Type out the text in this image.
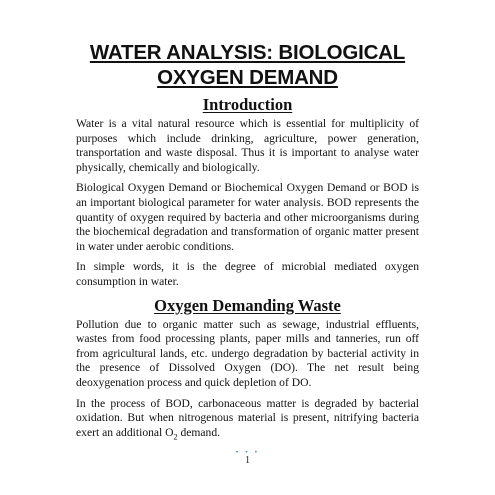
WATER ANALYSIS: BIOLOGICAL
OXYGEN DEMAND
Introduction

Water is a vital natural resource which is essential for multiplicity of purposes which include drinking, agriculture, power generation, transportation and waste disposal. Thus it is important to analyse water physically, chemically and biologically.

Biological Oxygen Demand or Biochemical Oxygen Demand or BOD is an important biological parameter for water analysis. BOD represents the quantity of oxygen required by bacteria and other microorganisms during the biochemical degradation and transformation of organic matter present in water under aerobic conditions.

In simple words, it is the degree of microbial mediated oxygen consumption in water.

Oxygen Demanding Waste

Pollution due to organic matter such as sewage, industrial effluents, wastes from food processing plants, paper mills and tanneries, run off from agricultural lands, etc. undergo degradation by bacterial activity in the presence of Dissolved Oxygen (DO). The net result being deoxygenation process and quick depletion of DO.

In the process of BOD, carbonaceous matter is degraded by bacterial oxidation. But when nitrogenous material is present, nitrifying bacteria exert an additional $O_2$ demand.

• • •
1
